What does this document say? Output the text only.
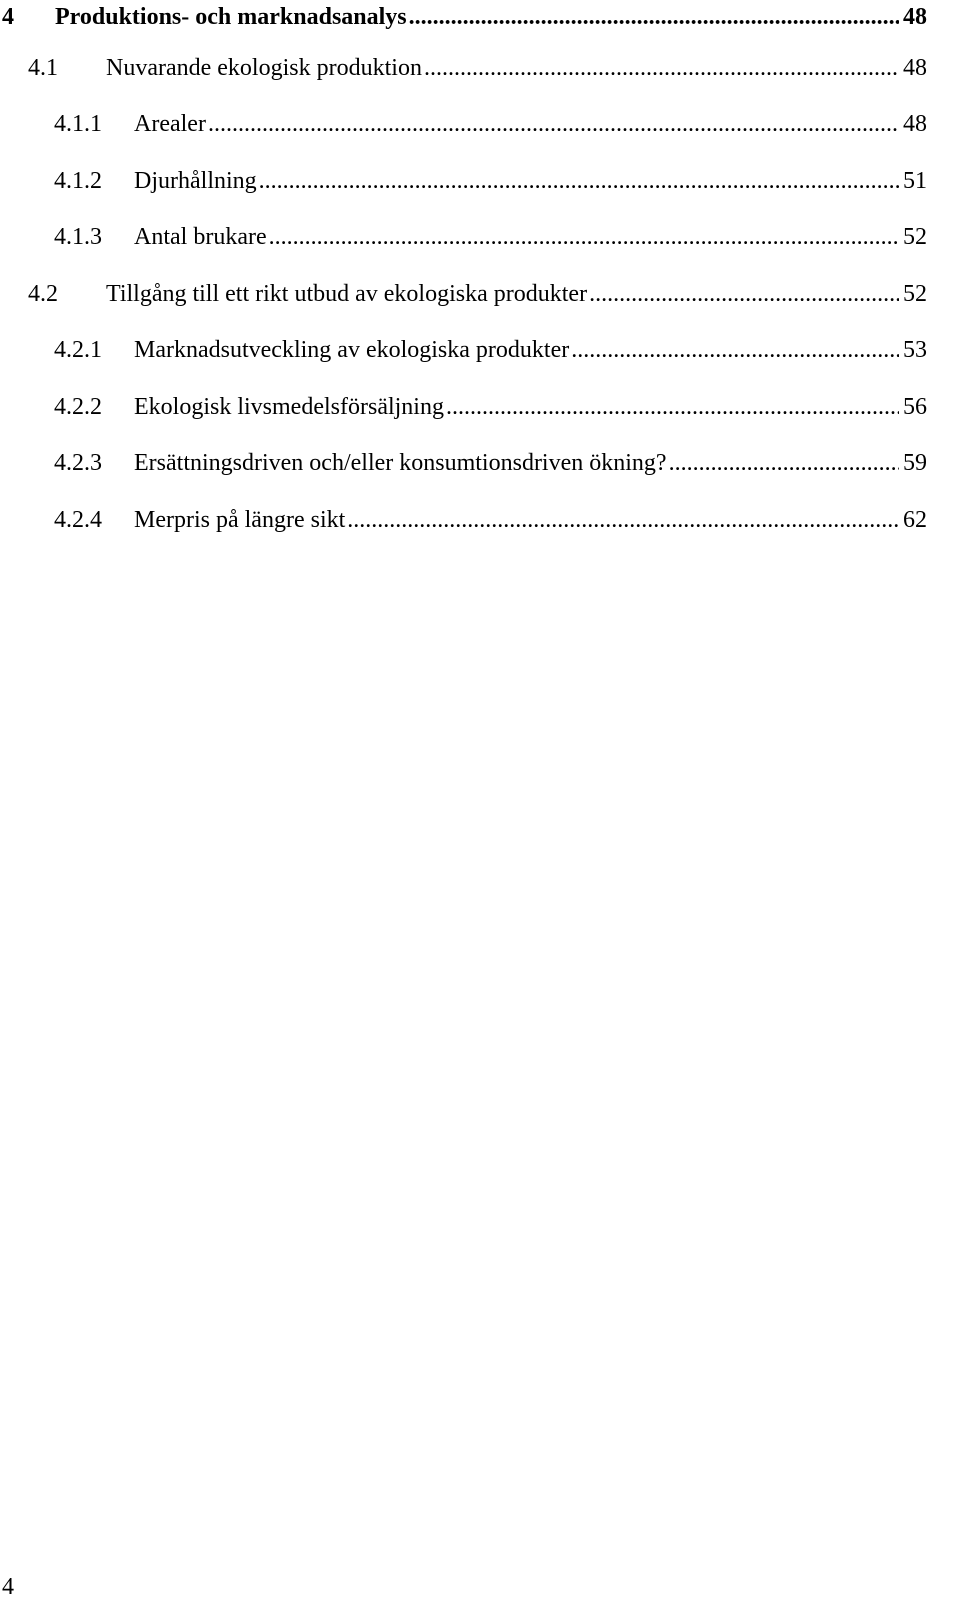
4	Produktions- och marknadsanalys .....	48
4.1	Nuvarande ekologisk produktion .....	48
4.1.1	Arealer .....	48
4.1.2	Djurhållning .....	51
4.1.3	Antal brukare .....	52
4.2	Tillgång till ett rikt utbud av ekologiska produkter .....	52
4.2.1	Marknadsutveckling av ekologiska produkter .....	53
4.2.2	Ekologisk livsmedelsförsäljning .....	56
4.2.3	Ersättningsdriven och/eller konsumtionsdriven ökning? .....	59
4.2.4	Merpris på längre sikt .....	62
4
